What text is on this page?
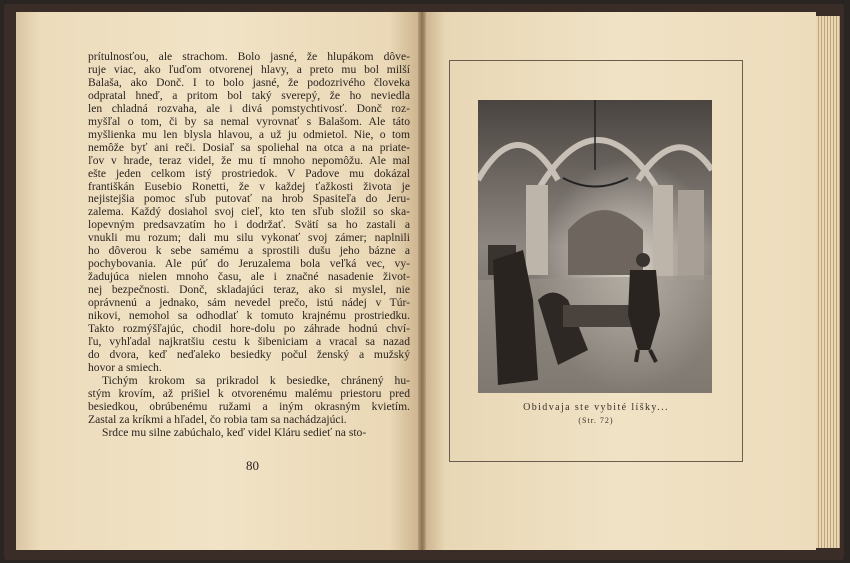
prítulnosťou, ale strachom. Bolo jasné, že hlupákom dôve-
ruje viac, ako ľuďom otvorenej hlavy, a preto mu bol milší
Balaša, ako Donč. I to bolo jasné, že podozrivého človeka
odpratal hneď, a pritom bol taký sverepý, že ho neviedla
len chladná rozvaha, ale i divá pomstychtivosť. Donč roz-
myšľal o tom, či by sa nemal vyrovnať s Balašom. Ale táto
myšlienka mu len blysla hlavou, a už ju odmietol. Nie, o tom
nemôže byť ani reči. Dosiaľ sa spoliehal na otca a na priate-
ľov v hrade, teraz videl, že mu tí mnoho nepomôžu. Ale mal
ešte jeden celkom istý prostriedok. V Padove mu dokázal
františkán Eusebio Ronetti, že v každej ťažkosti života je
nejistejšia pomoc sľub putovať na hrob Spasiteľa do Jeru-
zalema. Každý dosiahol svoj cieľ, kto ten sľub složil so ska-
lopevným predsavzatím ho i dodržať. Svätí sa ho zastali a
vnukli mu rozum; dali mu silu vykonať svoj zámer; naplnili
ho dôverou k sebe samému a sprostili dušu jeho bázne a
pochybovania. Ale púť do Jeruzalema bola veľká vec, vy-
žadujúca nielen mnoho času, ale i značné nasadenie život-
nej bezpečnosti. Donč, skladajúci teraz, ako si myslel, nie
oprávnenú a jednako, sám nevedel prečo, istú nádej v Túr-
nikovi, nemohol sa odhodlať k tomuto krajnému prostriedku.
Takto rozmýšľajúc, chodil hore-dolu po záhrade hodnú chví-
ľu, vyhľadal najkratšiu cestu k šibeniciam a vracal sa nazad
do dvora, keď neďaleko besiedky počul ženský a mužský
hovor a smiech.
Tichým krokom sa prikradol k besiedke, chránený hu-
stým krovím, až prišiel k otvorenému malému priestoru pred
besiedkou, obrúbenému ružami a iným okrasným kvietím.
Zastal za kríkmi a hľadel, čo robia tam sa nachádzajúci.
Srdce mu silne zabúchalo, keď videl Kláru sedieť na sto-
80
Obidvaja ste vybité líšky...
(Str. 72)
